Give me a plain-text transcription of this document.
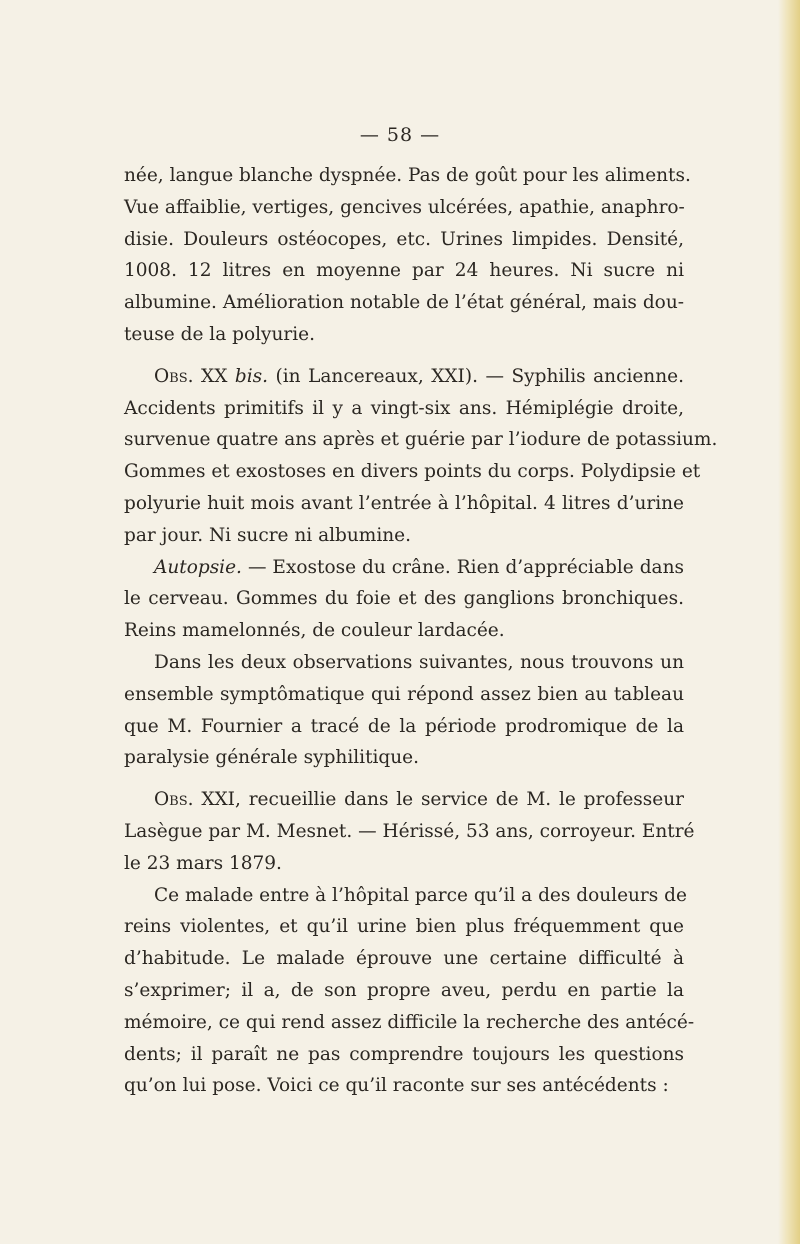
— 58 —
née, langue blanche dyspnée. Pas de goût pour les aliments.
Vue affaiblie, vertiges, gencives ulcérées, apathie, anaphro-
disie. Douleurs ostéocopes, etc. Urines limpides. Densité,
1008. 12 litres en moyenne par 24 heures. Ni sucre ni
albumine. Amélioration notable de l’état général, mais dou-
teuse de la polyurie.
Obs. XX bis. (in Lancereaux, XXI). — Syphilis ancienne.
Accidents primitifs il y a vingt-six ans. Hémiplégie droite,
survenue quatre ans après et guérie par l’iodure de potassium.
Gommes et exostoses en divers points du corps. Polydipsie et
polyurie huit mois avant l’entrée à l’hôpital. 4 litres d’urine
par jour. Ni sucre ni albumine.
Autopsie. — Exostose du crâne. Rien d’appréciable dans
le cerveau. Gommes du foie et des ganglions bronchiques.
Reins mamelonnés, de couleur lardacée.
Dans les deux observations suivantes, nous trouvons un
ensemble symptômatique qui répond assez bien au tableau
que M. Fournier a tracé de la période prodromique de la
paralysie générale syphilitique.
Obs. XXI, recueillie dans le service de M. le professeur
Lasègue par M. Mesnet. — Hérissé, 53 ans, corroyeur. Entré
le 23 mars 1879.
Ce malade entre à l’hôpital parce qu’il a des douleurs de
reins violentes, et qu’il urine bien plus fréquemment que
d’habitude. Le malade éprouve une certaine difficulté à
s’exprimer; il a, de son propre aveu, perdu en partie la
mémoire, ce qui rend assez difficile la recherche des antécé-
dents; il paraît ne pas comprendre toujours les questions
qu’on lui pose. Voici ce qu’il raconte sur ses antécédents :
